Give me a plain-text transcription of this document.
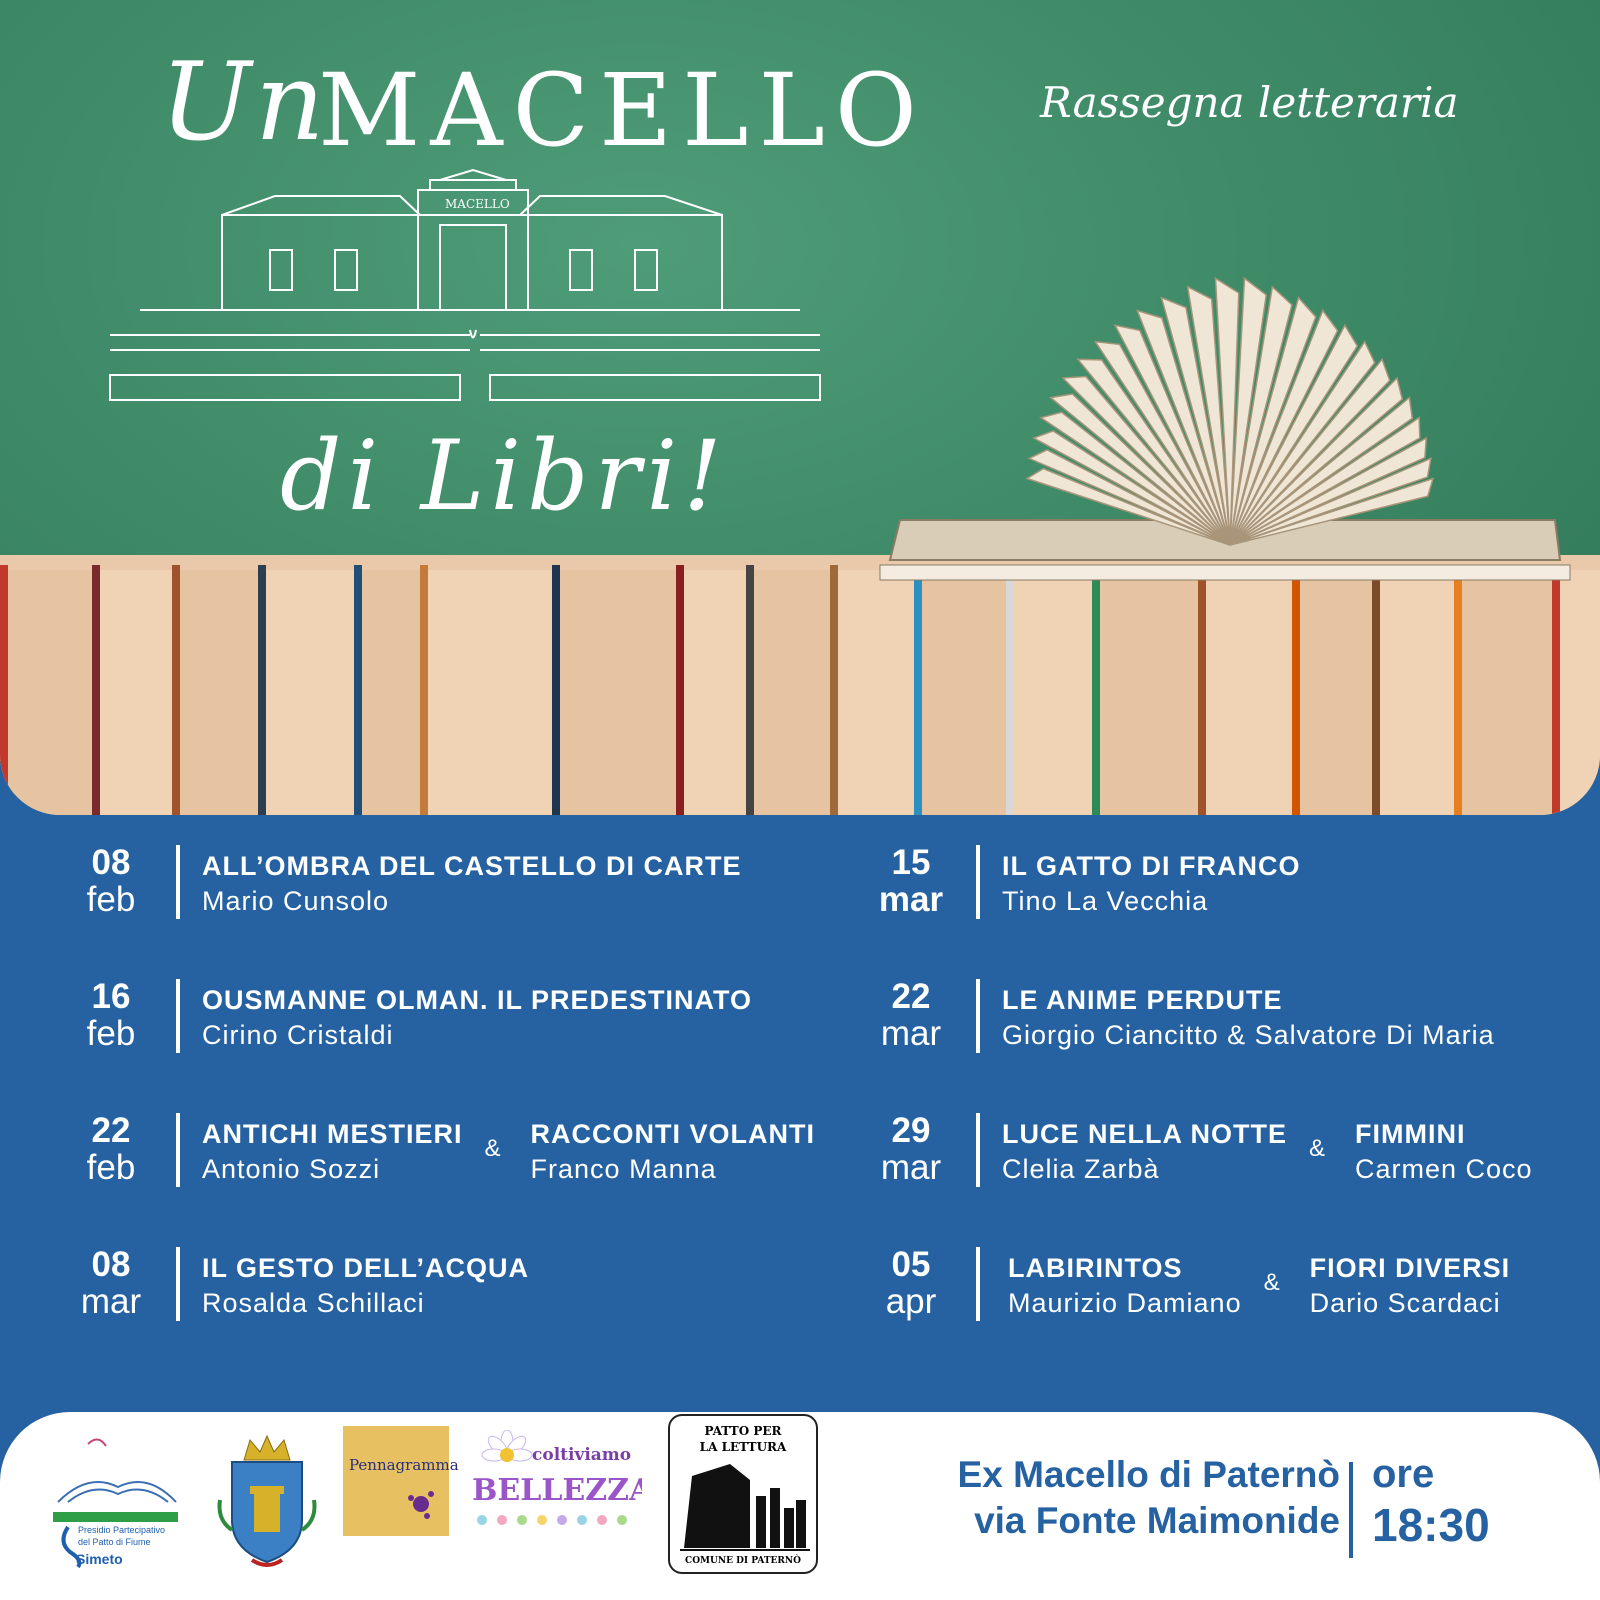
MACELLO
Un
MACELLO
di Libri!
Rassegna letteraria
08
feb
ALL’OMBRA DEL CASTELLO DI CARTE
Mario Cunsolo
16
feb
OUSMANNE OLMAN. IL PREDESTINATO
Cirino Cristaldi
22
feb
ANTICHI MESTIERI
Antonio Sozzi
& RACCONTI VOLANTI
Franco Manna
08
mar
IL GESTO DELL’ACQUA
Rosalda Schillaci
15
mar
IL GATTO DI FRANCO
Tino La Vecchia
22
mar
LE ANIME PERDUTE
Giorgio Ciancitto & Salvatore Di Maria
29
mar
LUCE NELLA NOTTE
Clelia Zarbà
& FIMMINI
Carmen Coco
05
apr
LABIRINTOS
Maurizio Damiano
& FIORI DIVERSI
Dario Scardaci
Presidio Partecipativo
del Patto di Fiume
Simeto
Pennagramma	coltiviamo
BELLEZZA
PATTO PER
LA LETTURA
COMUNE DI PATERNÒ
Ex Macello di Paternò
via Fonte Maimonide
ore
18:30
